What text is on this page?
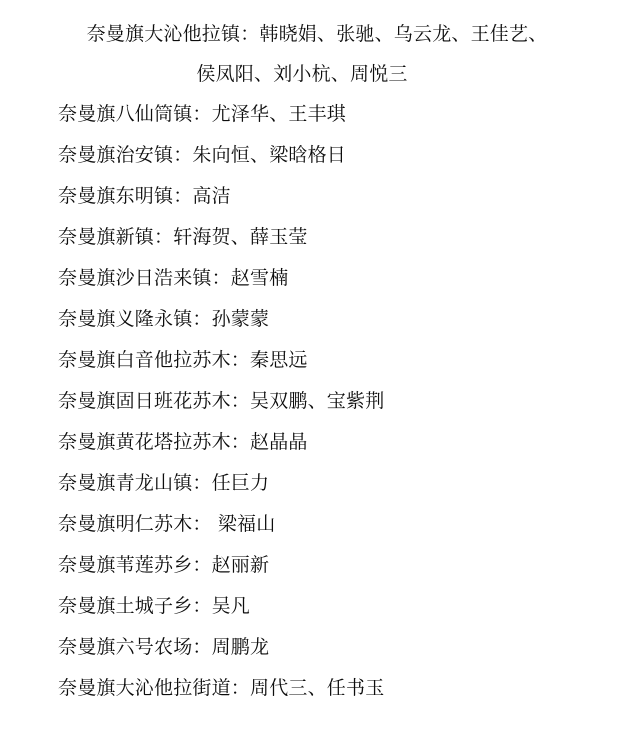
奈曼旗大沁他拉镇：韩晓娟、张驰、乌云龙、王佳艺、
侯凤阳、刘小杭、周悦三
奈曼旗八仙筒镇：尤泽华、王丰琪
奈曼旗治安镇：朱向恒、梁晗格日
奈曼旗东明镇：高洁
奈曼旗新镇：轩海贺、薛玉莹
奈曼旗沙日浩来镇：赵雪楠
奈曼旗义隆永镇：孙蒙蒙
奈曼旗白音他拉苏木：秦思远
奈曼旗固日班花苏木：吴双鹏、宝紫荆
奈曼旗黄花塔拉苏木：赵晶晶
奈曼旗青龙山镇：任巨力
奈曼旗明仁苏木： 梁福山
奈曼旗苇莲苏乡：赵丽新
奈曼旗土城子乡：吴凡
奈曼旗六号农场：周鹏龙
奈曼旗大沁他拉街道：周代三、任书玉
